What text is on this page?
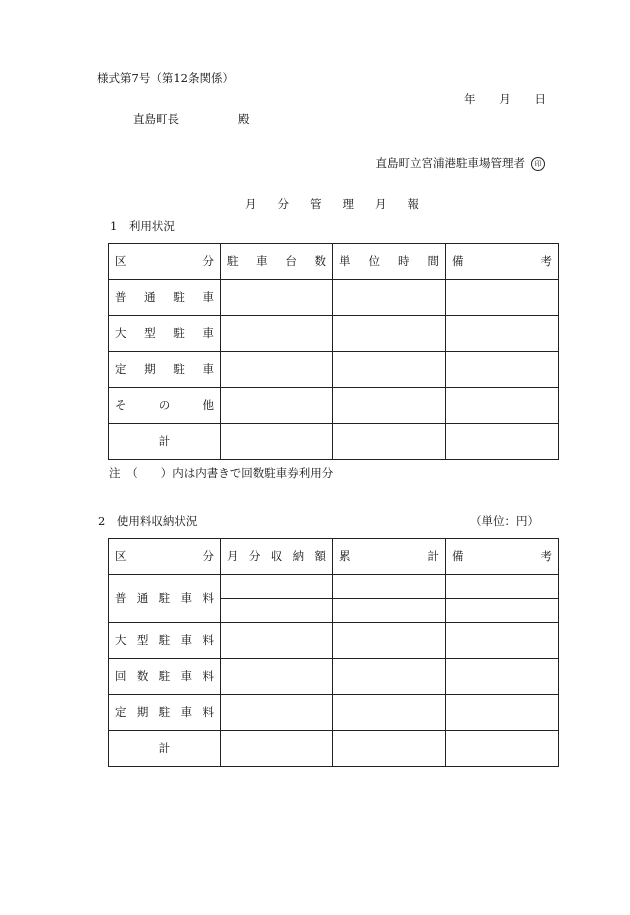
様式第7号（第12条関係）
年 月 日
直島町長	殿
直島町立宮浦港駐車場管理者 印
月 分 管 理 月 報
1　利用状況
区 分	駐 車 台 数	単 位 時 間	備 考

普 通 駐 車			

大 型 駐 車			

定 期 駐 車			

そ の 他			

計			
注　（　　）内は内書きで回数駐車券利用分
2　使用料収納状況	（単位：円）
区 分	月 分 収 納 額	累 計	備 考

普 通 駐 車 料			

大 型 駐 車 料			

回 数 駐 車 料			

定 期 駐 車 料			

計			
